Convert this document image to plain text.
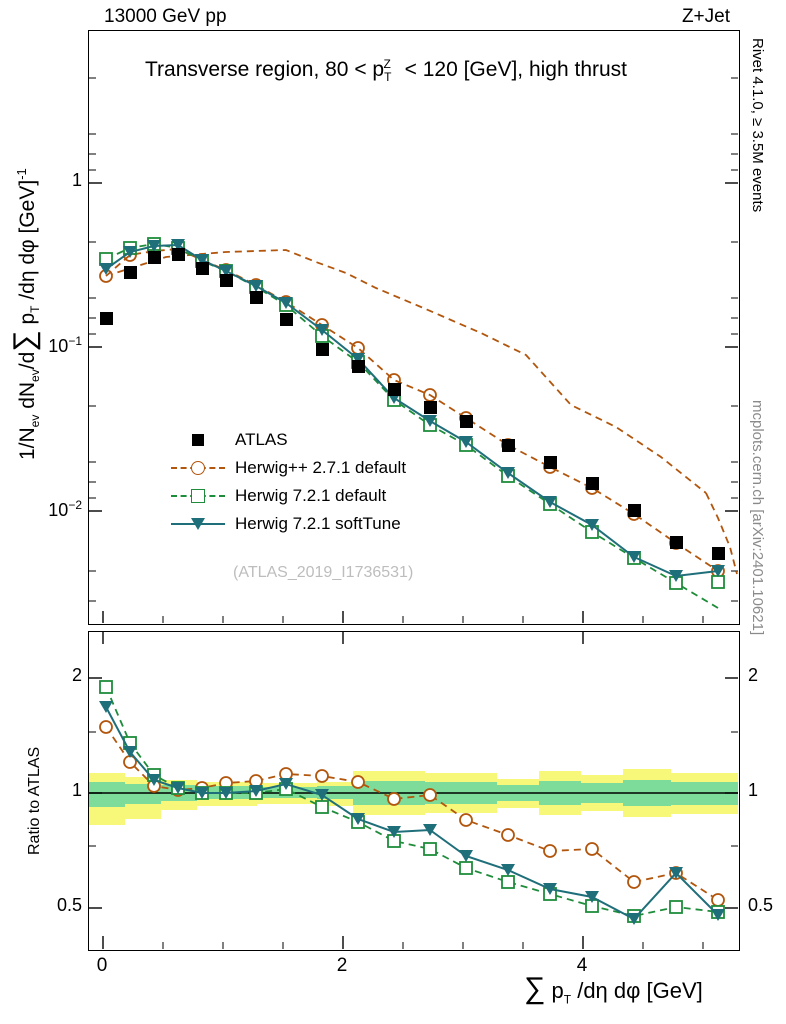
13000 GeV pp	Z+Jet
Rivet 4.1.0, ≥ 3.5M events
mcplots.cern.ch [arXiv:2401.10621]
Transverse region, $80 < p_T^Z < 120$ [GeV], high thrust
ATLAS
Herwig++ 2.7.1 default
Herwig 7.2.1 default
Herwig 7.2.1 softTune
(ATLAS_2019_I1736531)
1
$10^{-1}$
$10^{-2}$
$1/N_{ev}$ $dN_{ev}/d\sum$ $p_T$ /dη dφ [GeV]$^{-1}$
2
1
0.5
2
1
0.5
Ratio to ATLAS
0	2	4
∑ $p_T$ /dη dφ [GeV]
